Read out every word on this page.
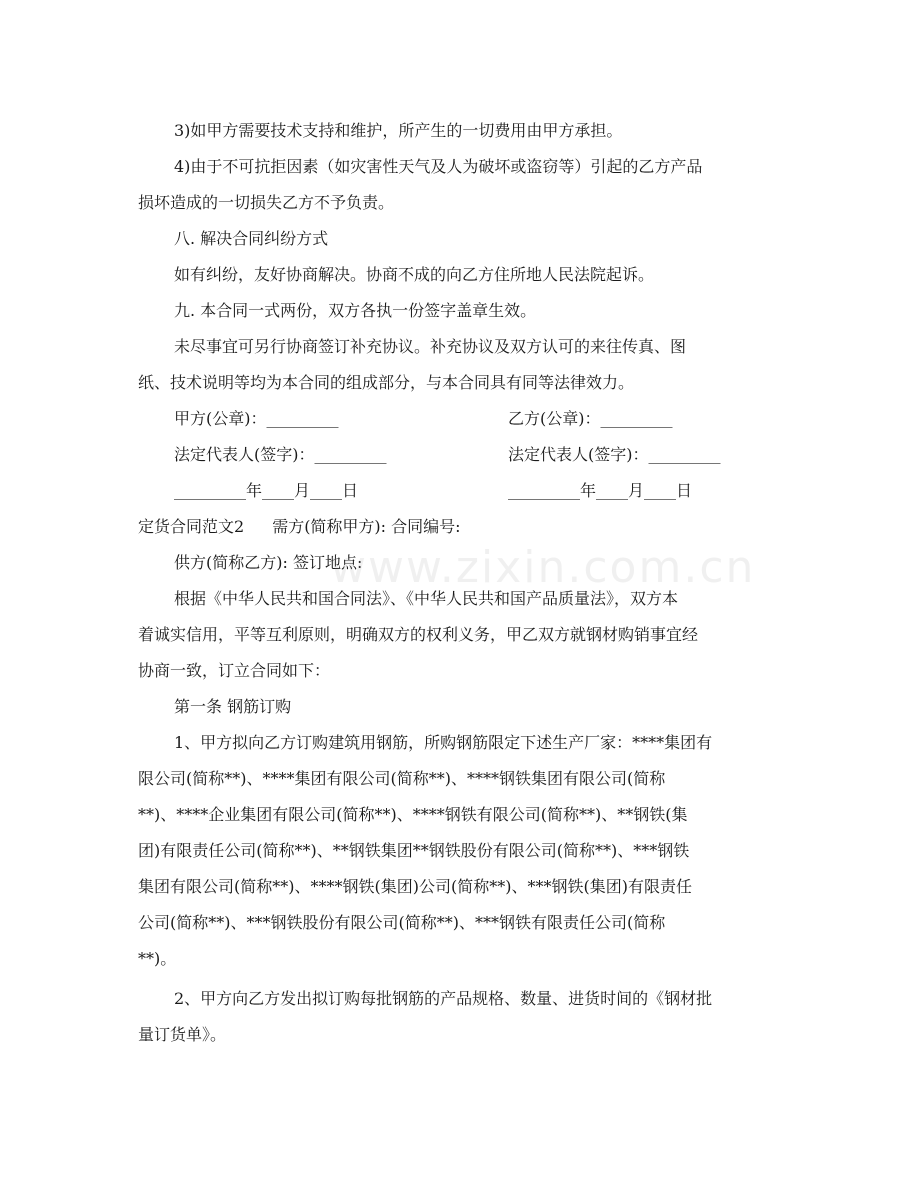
3)如甲方需要技术支持和维护，所产生的一切费用由甲方承担。
4)由于不可抗拒因素（如灾害性天气及人为破坏或盗窃等）引起的乙方产品
损坏造成的一切损失乙方不予负责。
八. 解决合同纠纷方式
如有纠纷，友好协商解决。协商不成的向乙方住所地人民法院起诉。
九. 本合同一式两份，双方各执一份签字盖章生效。
未尽事宜可另行协商签订补充协议。补充协议及双方认可的来往传真、图
纸、技术说明等均为本合同的组成部分，与本合同具有同等法律效力。
甲方(公章)：_________	乙方(公章)：_________
法定代表人(签字)：_________	法定代表人(签字)：_________
_________年____月____日	_________年____月____日
定货合同范文2 需方(简称甲方): 合同编号:
供方(简称乙方): 签订地点:
根据《中华人民共和国合同法》、《中华人民共和国产品质量法》，双方本
着诚实信用，平等互利原则，明确双方的权利义务，甲乙双方就钢材购销事宜经
协商一致，订立合同如下：
第一条 钢筋订购
1、甲方拟向乙方订购建筑用钢筋，所购钢筋限定下述生产厂家：****集团有
限公司(简称**)、****集团有限公司(简称**)、****钢铁集团有限公司(简称
**)、****企业集团有限公司(简称**)、****钢铁有限公司(简称**)、**钢铁(集
团)有限责任公司(简称**)、**钢铁集团**钢铁股份有限公司(简称**)、***钢铁
集团有限公司(简称**)、****钢铁(集团)公司(简称**)、***钢铁(集团)有限责任
公司(简称**)、***钢铁股份有限公司(简称**)、***钢铁有限责任公司(简称
**)。
2、甲方向乙方发出拟订购每批钢筋的产品规格、数量、进货时间的《钢材批
量订货单》。
www.zixin.com.cn
